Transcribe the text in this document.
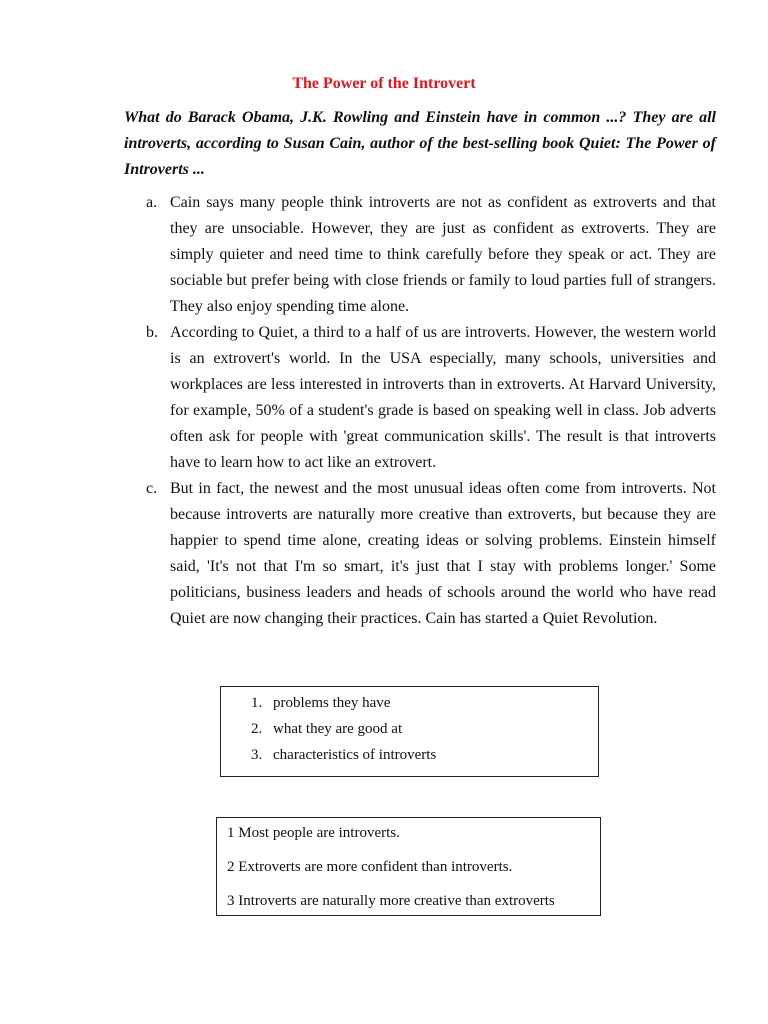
The Power of the Introvert

What do Barack Obama, J.K. Rowling and Einstein have in common ...? They are all introverts, according to Susan Cain, author of the best-selling book Quiet: The Power of Introverts ...

a. Cain says many people think introverts are not as confident as extroverts and that they are unsociable. However, they are just as confident as extroverts. They are simply quieter and need time to think carefully before they speak or act. They are sociable but prefer being with close friends or family to loud parties full of strangers. They also enjoy spending time alone.
b. According to Quiet, a third to a half of us are introverts. However, the western world is an extrovert's world. In the USA especially, many schools, universities and workplaces are less interested in introverts than in extroverts. At Harvard University, for example, 50% of a student's grade is based on speaking well in class. Job adverts often ask for people with 'great communication skills'. The result is that introverts have to learn how to act like an extrovert.
c. But in fact, the newest and the most unusual ideas often come from introverts. Not because introverts are naturally more creative than extroverts, but because they are happier to spend time alone, creating ideas or solving problems. Einstein himself said, 'It's not that I'm so smart, it's just that I stay with problems longer.' Some politicians, business leaders and heads of schools around the world who have read Quiet are now changing their practices. Cain has started a Quiet Revolution.
1. problems they have
2. what they are good at
3. characteristics of introverts

1 Most people are introverts.

2 Extroverts are more confident than introverts.

3 Introverts are naturally more creative than extroverts
